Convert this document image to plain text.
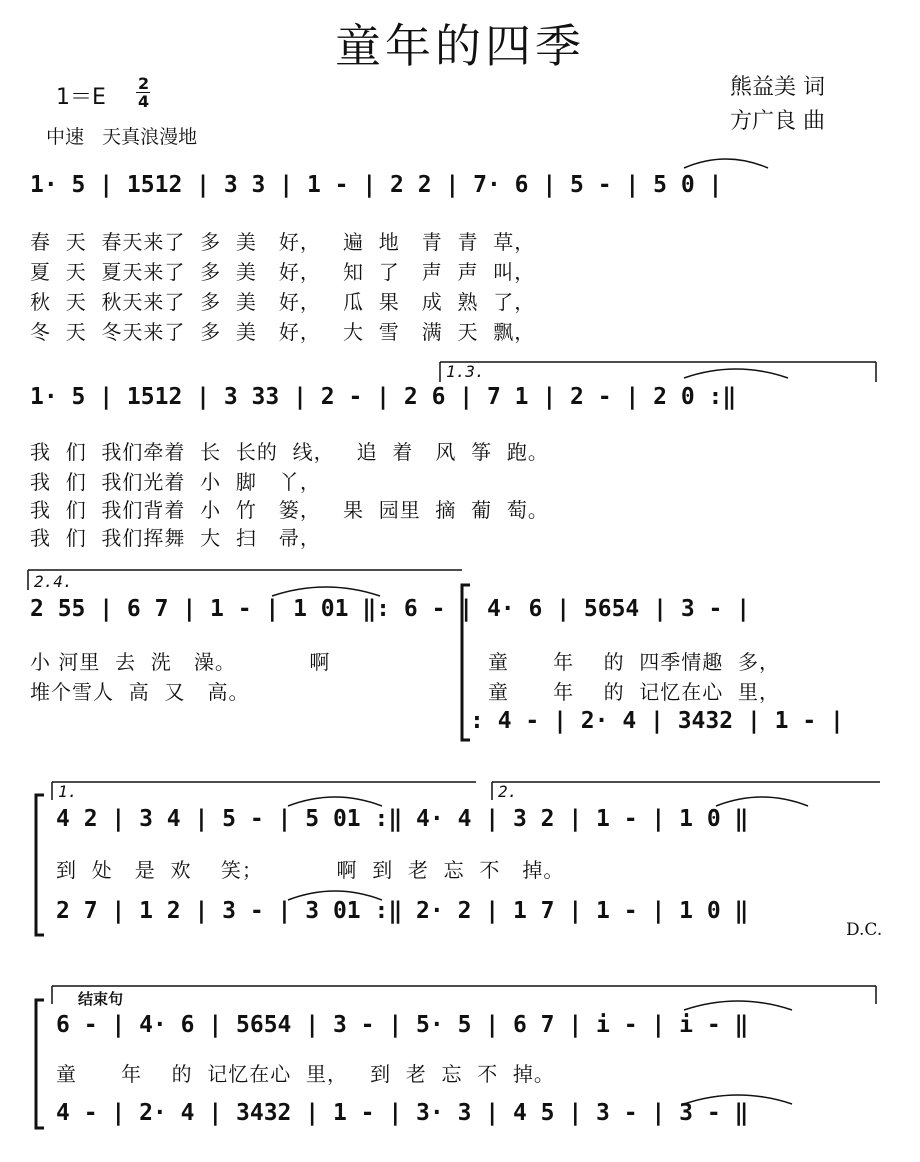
童年的四季
1＝E
2
4
中速   天真浪漫地
熊益美 词
方广良 曲
1· 5 | 1512 | 3 3 | 1 - | 2 2 | 7· 6 | 5 - | 5 0 |
春  天  春天来了  多  美   好，   遍  地   青  青  草，
夏  天  夏天来了  多  美   好，   知  了   声  声  叫，
秋  天  秋天来了  多  美   好，   瓜  果   成  熟  了，
冬  天  冬天来了  多  美   好，   大  雪   满  天  飘，
1.3.
1· 5 | 1512 | 3 33 | 2 - | 2 6 | 7 1 | 2 - | 2 0 :‖
我  们  我们牵着  长  长的  线，   追  着   风  筝  跑。
我  们  我们光着  小  脚   丫，
我  们  我们背着  小  竹   篓，   果  园里  摘  葡  萄。
我  们  我们挥舞  大  扫   帚，
2.4.
2 55 | 6 7 | 1 - | 1 01 ‖: 6 - | 4· 6 | 5654 | 3 - |
小 河里  去  洗   澡。          啊
堆个雪人  高  又   高。
童      年    的  四季情趣  多，
童      年    的  记忆在心  里，
: 4 - | 2· 4 | 3432 | 1 - |
1.	2.
4 2 | 3 4 | 5 - | 5 01 :‖ 4· 4 | 3 2 | 1 - | 1 0 ‖
到  处   是  欢    笑；          啊  到  老  忘  不   掉。
2 7 | 1 2 | 3 - | 3 01 :‖ 2· 2 | 1 7 | 1 - | 1 0 ‖
D.C.
结束句
6 - | 4· 6 | 5654 | 3 - | 5· 5 | 6 7 | i - | i - ‖
童      年    的  记忆在心  里，   到  老  忘  不  掉。
4 - | 2· 4 | 3432 | 1 - | 3· 3 | 4 5 | 3 - | 3 - ‖
